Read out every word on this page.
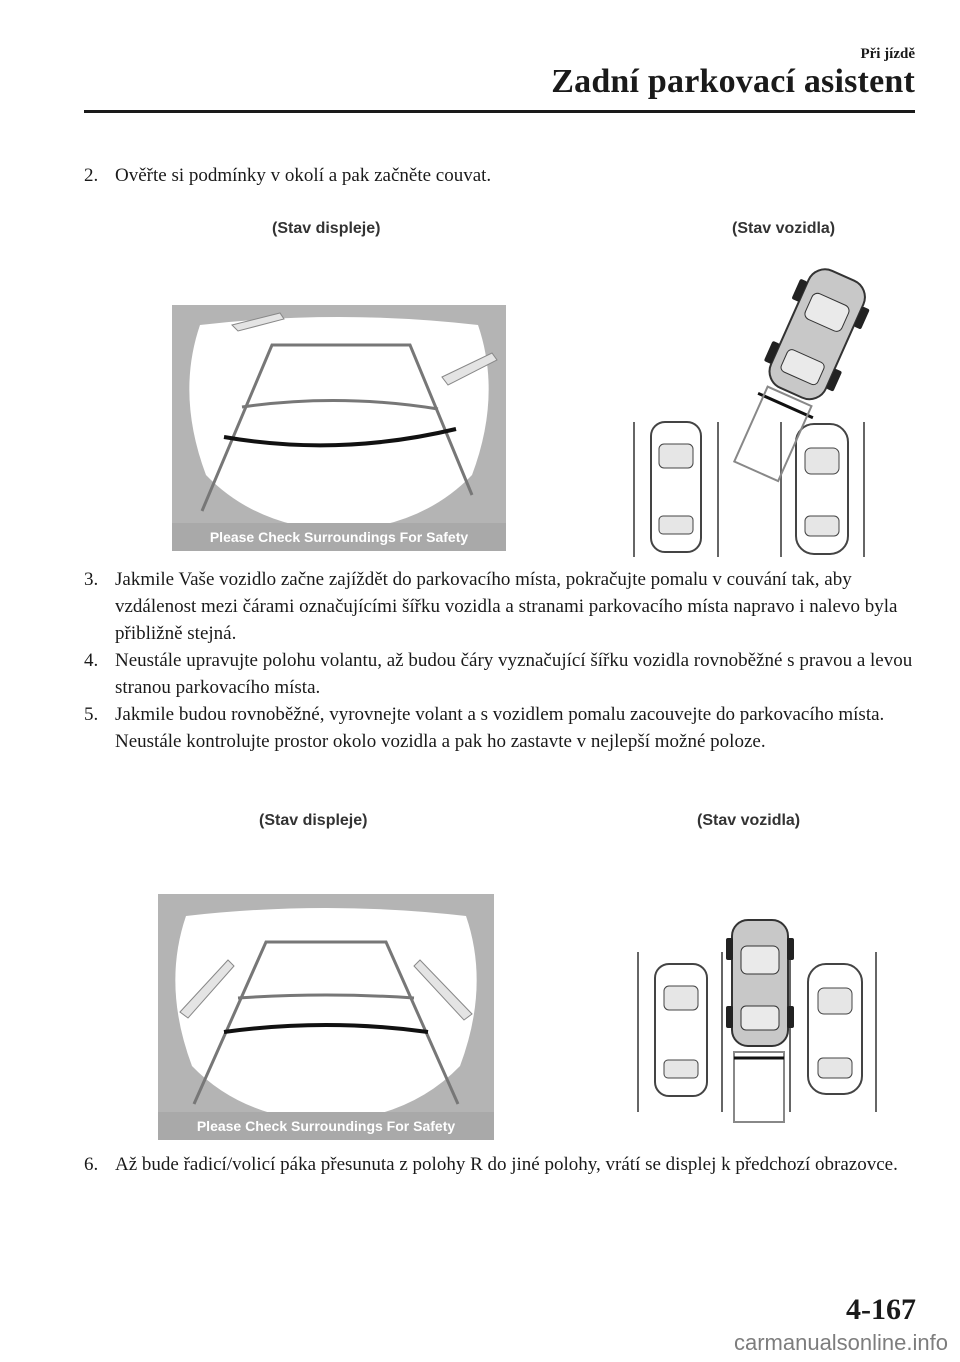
Při jízdě
Zadní parkovací asistent
2. Ověřte si podmínky v okolí a pak začněte couvat.
(Stav displeje)	(Stav vozidla)
Please Check Surroundings For Safety
3. Jakmile Vaše vozidlo začne zajíždět do parkovacího místa, pokračujte pomalu v couvání tak, aby vzdálenost mezi čárami označujícími šířku vozidla a stranami parkovacího místa napravo i nalevo byla přibližně stejná.
4. Neustále upravujte polohu volantu, až budou čáry vyznačující šířku vozidla rovnoběžné s pravou a levou stranou parkovacího místa.
5. Jakmile budou rovnoběžné, vyrovnejte volant a s vozidlem pomalu zacouvejte do parkovacího místa. Neustále kontrolujte prostor okolo vozidla a pak ho zastavte v nejlepší možné poloze.
(Stav displeje)	(Stav vozidla)
Please Check Surroundings For Safety
6. Až bude řadicí/volicí páka přesunuta z polohy R do jiné polohy, vrátí se displej k předchozí obrazovce.
4-167
carmanualsonline.info
